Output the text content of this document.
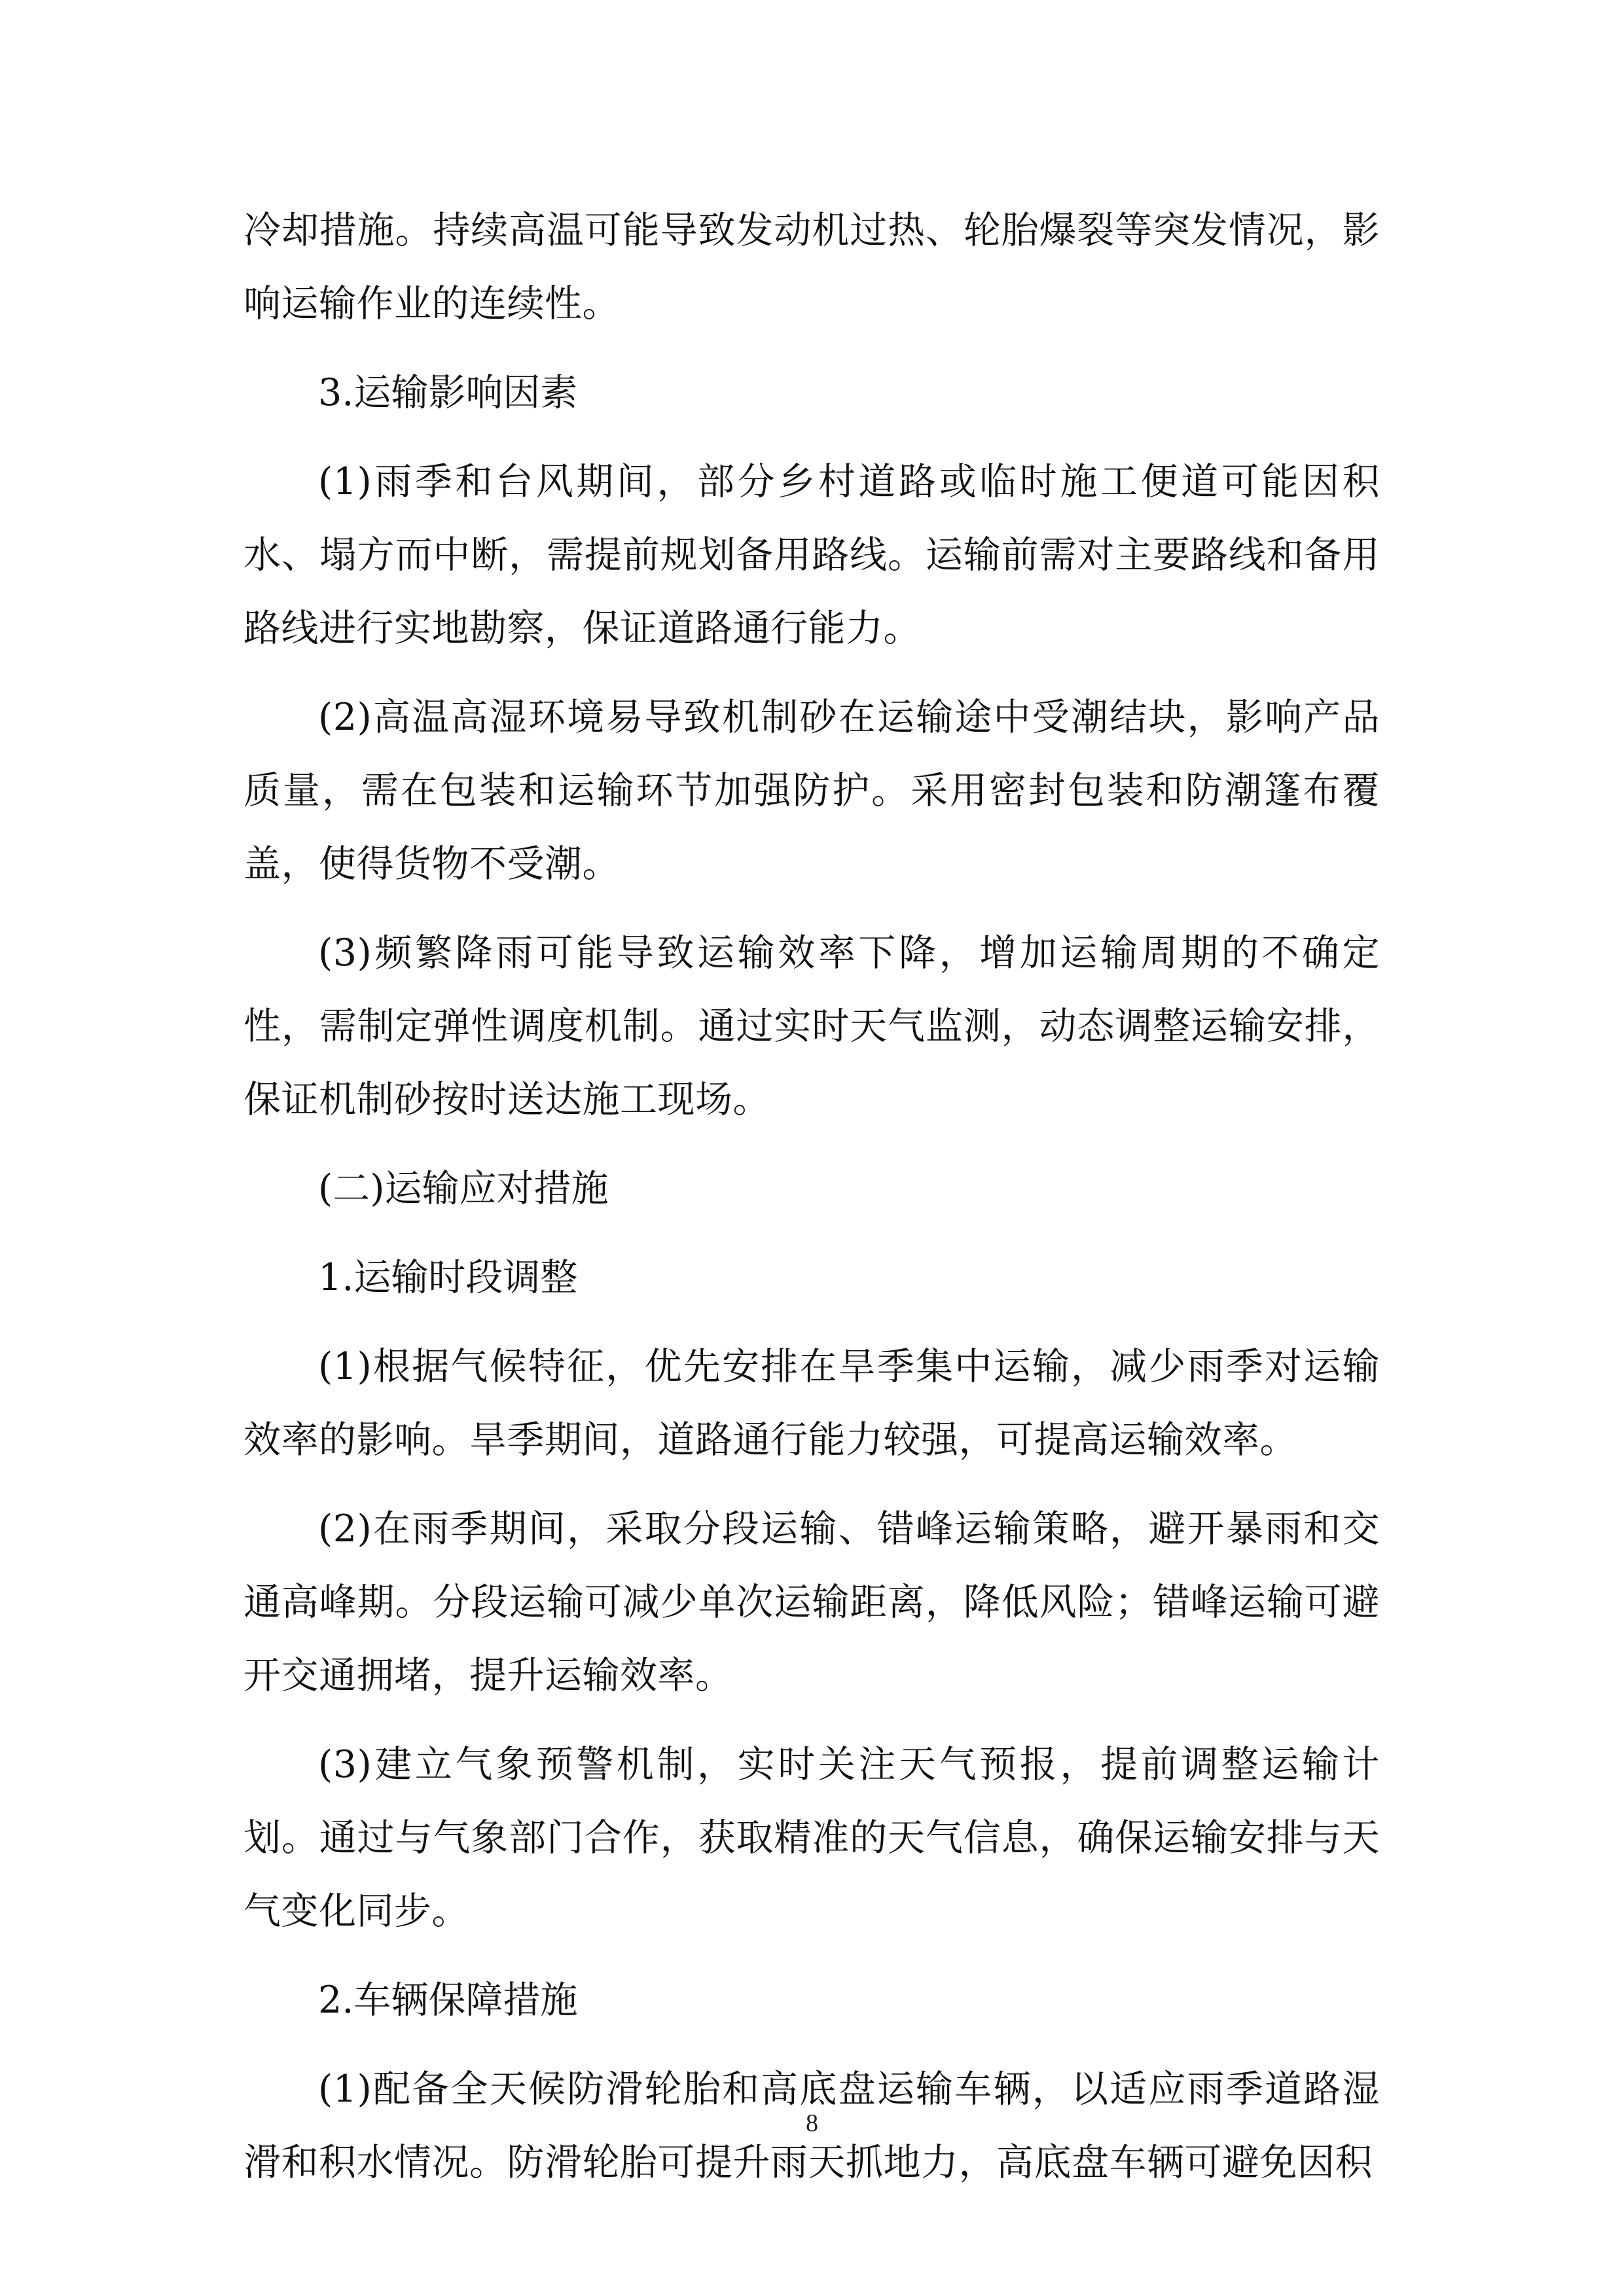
冷却措施。持续高温可能导致发动机过热、轮胎爆裂等突发情况，影响运输作业的连续性。

3.运输影响因素

(1)雨季和台风期间，部分乡村道路或临时施工便道可能因积水、塌方而中断，需提前规划备用路线。运输前需对主要路线和备用路线进行实地勘察，保证道路通行能力。

(2)高温高湿环境易导致机制砂在运输途中受潮结块，影响产品质量，需在包装和运输环节加强防护。采用密封包装和防潮篷布覆盖，使得货物不受潮。

(3)频繁降雨可能导致运输效率下降，增加运输周期的不确定性，需制定弹性调度机制。通过实时天气监测，动态调整运输安排，保证机制砂按时送达施工现场。

(二)运输应对措施

1.运输时段调整

(1)根据气候特征，优先安排在旱季集中运输，减少雨季对运输效率的影响。旱季期间，道路通行能力较强，可提高运输效率。

(2)在雨季期间，采取分段运输、错峰运输策略，避开暴雨和交通高峰期。分段运输可减少单次运输距离，降低风险；错峰运输可避开交通拥堵，提升运输效率。

(3)建立气象预警机制，实时关注天气预报，提前调整运输计划。通过与气象部门合作，获取精准的天气信息，确保运输安排与天气变化同步。

2.车辆保障措施

(1)配备全天候防滑轮胎和高底盘运输车辆，以适应雨季道路湿滑和积水情况。防滑轮胎可提升雨天抓地力，高底盘车辆可避免因积

8
